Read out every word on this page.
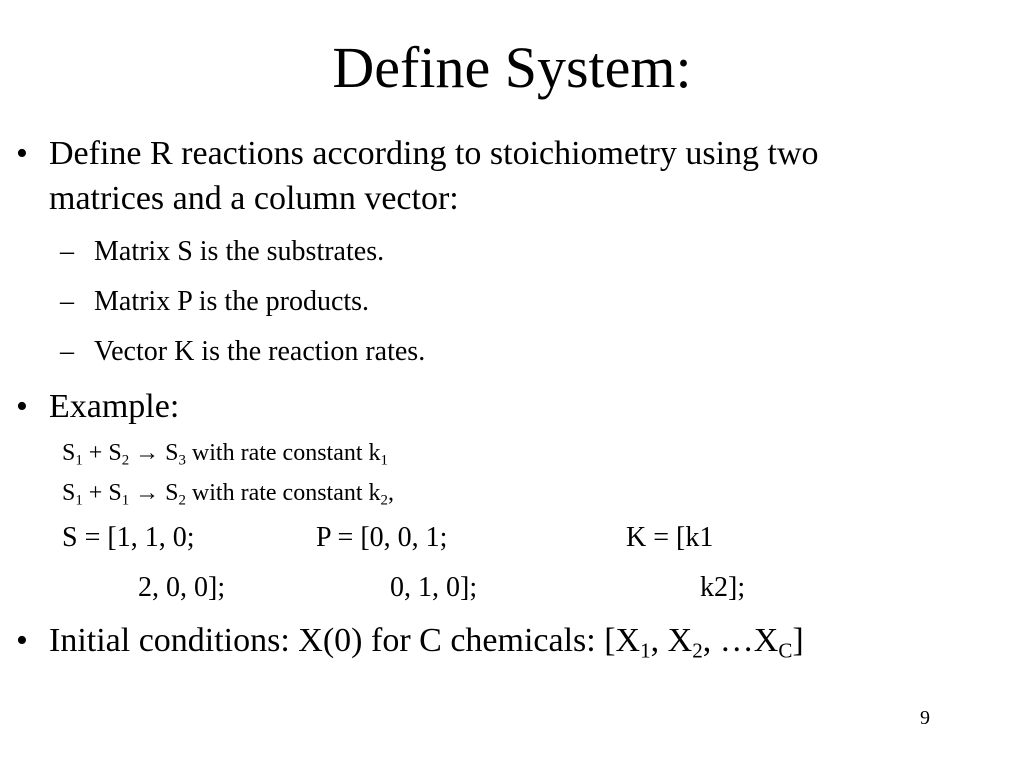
Define System:
• Define R reactions according to stoichiometry using two
matrices and a column vector:
– Matrix S is the substrates.
– Matrix P is the products.
– Vector K is the reaction rates.
• Example:
$S_1 + S_2 \to S_3$ with rate constant $k_1$
$S_1 + S_1 \to S_2$ with rate constant $k_2$,
S = [1, 1, 0;	P = [0, 0, 1;	K = [k1
2, 0, 0];	0, 1, 0];	k2];
• Initial conditions: X(0) for C chemicals: [$X_1$, $X_2$, $\dots X_C$]
9
